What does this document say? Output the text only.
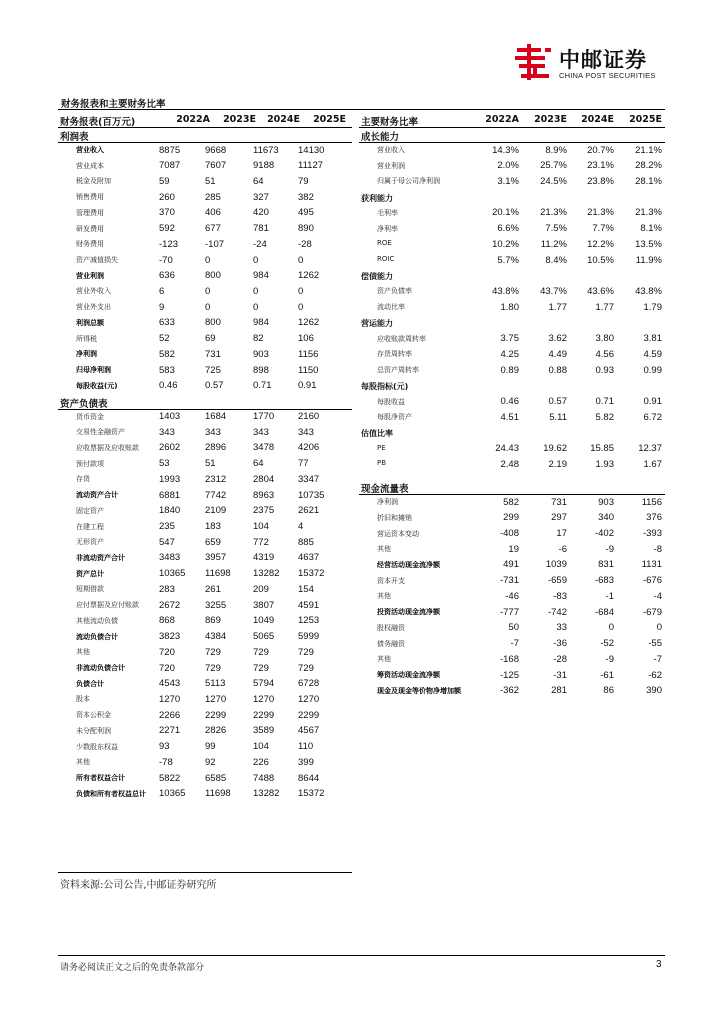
中邮证券
CHINA POST SECURITIES
财务报表和主要财务比率
财务报表(百万元)	2022A	2023E	2024E	2025E
利润表
营业收入	8875	9668	11673	14130
营业成本	7087	7607	9188	11127
税金及附加	59	51	64	79
销售费用	260	285	327	382
管理费用	370	406	420	495
研发费用	592	677	781	890
财务费用	-123	-107	-24	-28
资产减值损失	-70	0	0	0
营业利润	636	800	984	1262
营业外收入	6	0	0	0
营业外支出	9	0	0	0
利润总额	633	800	984	1262
所得税	52	69	82	106
净利润	582	731	903	1156
归母净利润	583	725	898	1150
每股收益(元)	0.46	0.57	0.71	0.91
资产负债表
货币资金	1403	1684	1770	2160
交易性金融资产	343	343	343	343
应收票据及应收账款 2602	2896	3478	4206
预付款项	53	51	64	77
存货	1993	2312	2804	3347
流动资产合计	6881	7742	8963	10735
固定资产	1840	2109	2375	2621
在建工程	235	183	104	4
无形资产	547	659	772	885
非流动资产合计	3483	3957	4319	4637
资产总计	10365	11698	13282	15372
短期借款	283	261	209	154
应付票据及应付账款 2672	3255	3807	4591
其他流动负债	868	869	1049	1253
流动负债合计	3823	4384	5065	5999
其他	720	729	729	729
非流动负债合计	720	729	729	729
负债合计	4543	5113	5794	6728
股本	1270	1270	1270	1270
资本公积金	2266	2299	2299	2299
未分配利润	2271	2826	3589	4567
少数股东权益	93	99	104	110
其他	-78	92	226	399
所有者权益合计	5822	6585	7488	8644
负债和所有者权益总计 10365	11698	13282	15372
主要财务比率	2022A	2023E	2024E	2025E
成长能力
营业收入	14.3%	8.9%	20.7%	21.1%
营业利润	2.0%	25.7%	23.1%	28.2%
归属于母公司净利润	3.1%	24.5%	23.8%	28.1%
获利能力
毛利率	20.1%	21.3%	21.3%	21.3%
净利率	6.6%	7.5%	7.7%	8.1%
ROE	10.2%	11.2%	12.2%	13.5%
ROIC	5.7%	8.4%	10.5%	11.9%
偿债能力
资产负债率	43.8%	43.7%	43.6%	43.8%
流动比率	1.80	1.77	1.77	1.79
营运能力
应收账款周转率	3.75	3.62	3.80	3.81
存货周转率	4.25	4.49	4.56	4.59
总资产周转率	0.89	0.88	0.93	0.99
每股指标(元)
每股收益	0.46	0.57	0.71	0.91
每股净资产	4.51	5.11	5.82	6.72
估值比率
PE	24.43	19.62	15.85	12.37
PB	2.48	2.19	1.93	1.67
现金流量表
净利润	582	731	903	1156
折旧和摊销	299	297	340	376
营运资本变动	-408	17	-402	-393
其他	19	-6	-9	-8
经营活动现金流净额	491	1039	831	1131
资本开支	-731	-659	-683	-676
其他	-46	-83	-1	-4
投资活动现金流净额	-777	-742	-684	-679
股权融资	50	33	0	0
债务融资	-7	-36	-52	-55
其他	-168	-28	-9	-7
筹资活动现金流净额	-125	-31	-61	-62
现金及现金等价物净增加额	-362	281	86	390
资料来源:公司公告,中邮证券研究所
请务必阅读正文之后的免责条款部分	3
